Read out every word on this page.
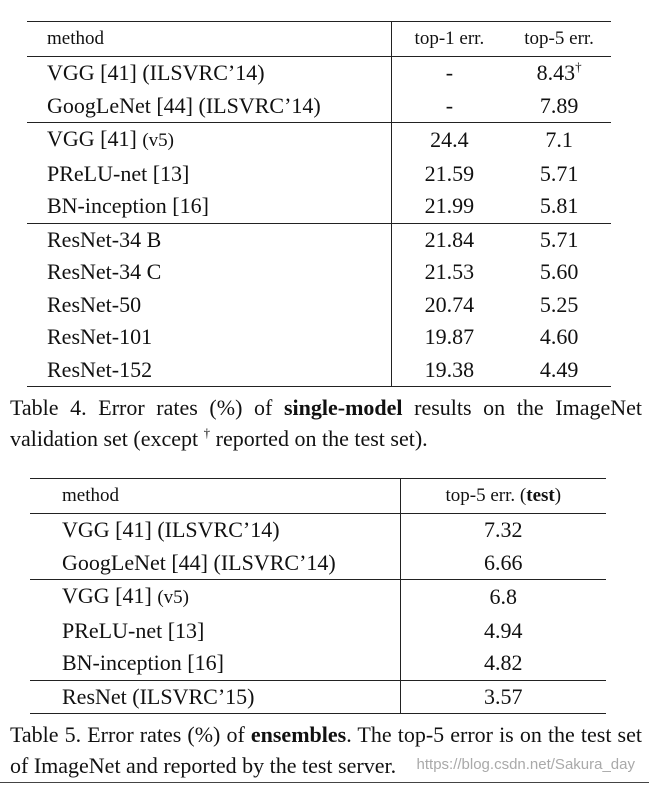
method	top-1 err.	top-5 err.
VGG [41] (ILSVRC’14)	-	8.43†
GoogLeNet [44] (ILSVRC’14)	-	7.89
VGG [41] (v5)	24.4	7.1
PReLU-net [13]	21.59	5.71
BN-inception [16]	21.99	5.81
ResNet-34 B	21.84	5.71
ResNet-34 C	21.53	5.60
ResNet-50	20.74	5.25
ResNet-101	19.87	4.60
ResNet-152	19.38	4.49
Table 4. Error rates (%) of single-model results on the ImageNet validation set (except † reported on the test set).
method	top-5 err. (test)
VGG [41] (ILSVRC’14)	7.32
GoogLeNet [44] (ILSVRC’14)	6.66
VGG [41] (v5)	6.8
PReLU-net [13]	4.94
BN-inception [16]	4.82
ResNet (ILSVRC’15)	3.57
Table 5. Error rates (%) of ensembles. The top-5 error is on the test set of ImageNet and reported by the test server.	https://blog.csdn.net/Sakura_day
